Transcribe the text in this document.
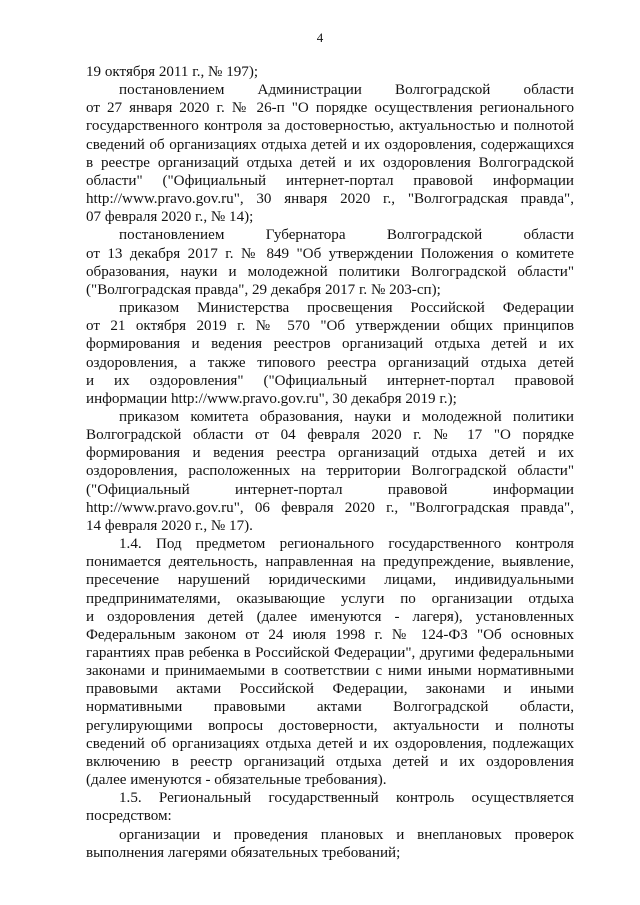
4
19 октября 2011 г., № 197);
постановлением Администрации Волгоградской области
от 27 января 2020 г. № 26-п "О порядке осуществления регионального
государственного контроля за достоверностью, актуальностью и полнотой
сведений об организациях отдыха детей и их оздоровления, содержащихся
в реестре организаций отдыха детей и их оздоровления Волгоградской
области" ("Официальный интернет-портал правовой информации
http://www.pravo.gov.ru", 30 января 2020 г., "Волгоградская правда",
07 февраля 2020 г., № 14);
постановлением Губернатора Волгоградской области
от 13 декабря 2017 г. № 849 "Об утверждении Положения о комитете
образования, науки и молодежной политики Волгоградской области"
("Волгоградская правда", 29 декабря 2017 г. № 203-сп);
приказом Министерства просвещения Российской Федерации
от 21 октября 2019 г. № 570 "Об утверждении общих принципов
формирования и ведения реестров организаций отдыха детей и их
оздоровления, а также типового реестра организаций отдыха детей
и их оздоровления" ("Официальный интернет-портал правовой
информации http://www.pravo.gov.ru", 30 декабря 2019 г.);
приказом комитета образования, науки и молодежной политики
Волгоградской области от 04 февраля 2020 г. № 17 "О порядке
формирования и ведения реестра организаций отдыха детей и их
оздоровления, расположенных на территории Волгоградской области"
("Официальный интернет-портал правовой информации
http://www.pravo.gov.ru", 06 февраля 2020 г., "Волгоградская правда",
14 февраля 2020 г., № 17).
1.4. Под предметом регионального государственного контроля
понимается деятельность, направленная на предупреждение, выявление,
пресечение нарушений юридическими лицами, индивидуальными
предпринимателями, оказывающие услуги по организации отдыха
и оздоровления детей (далее именуются - лагеря), установленных
Федеральным законом от 24 июля 1998 г. № 124-ФЗ "Об основных
гарантиях прав ребенка в Российской Федерации", другими федеральными
законами и принимаемыми в соответствии с ними иными нормативными
правовыми актами Российской Федерации, законами и иными
нормативными правовыми актами Волгоградской области,
регулирующими вопросы достоверности, актуальности и полноты
сведений об организациях отдыха детей и их оздоровления, подлежащих
включению в реестр организаций отдыха детей и их оздоровления
(далее именуются - обязательные требования).
1.5. Региональный государственный контроль осуществляется
посредством:
организации и проведения плановых и внеплановых проверок
выполнения лагерями обязательных требований;
